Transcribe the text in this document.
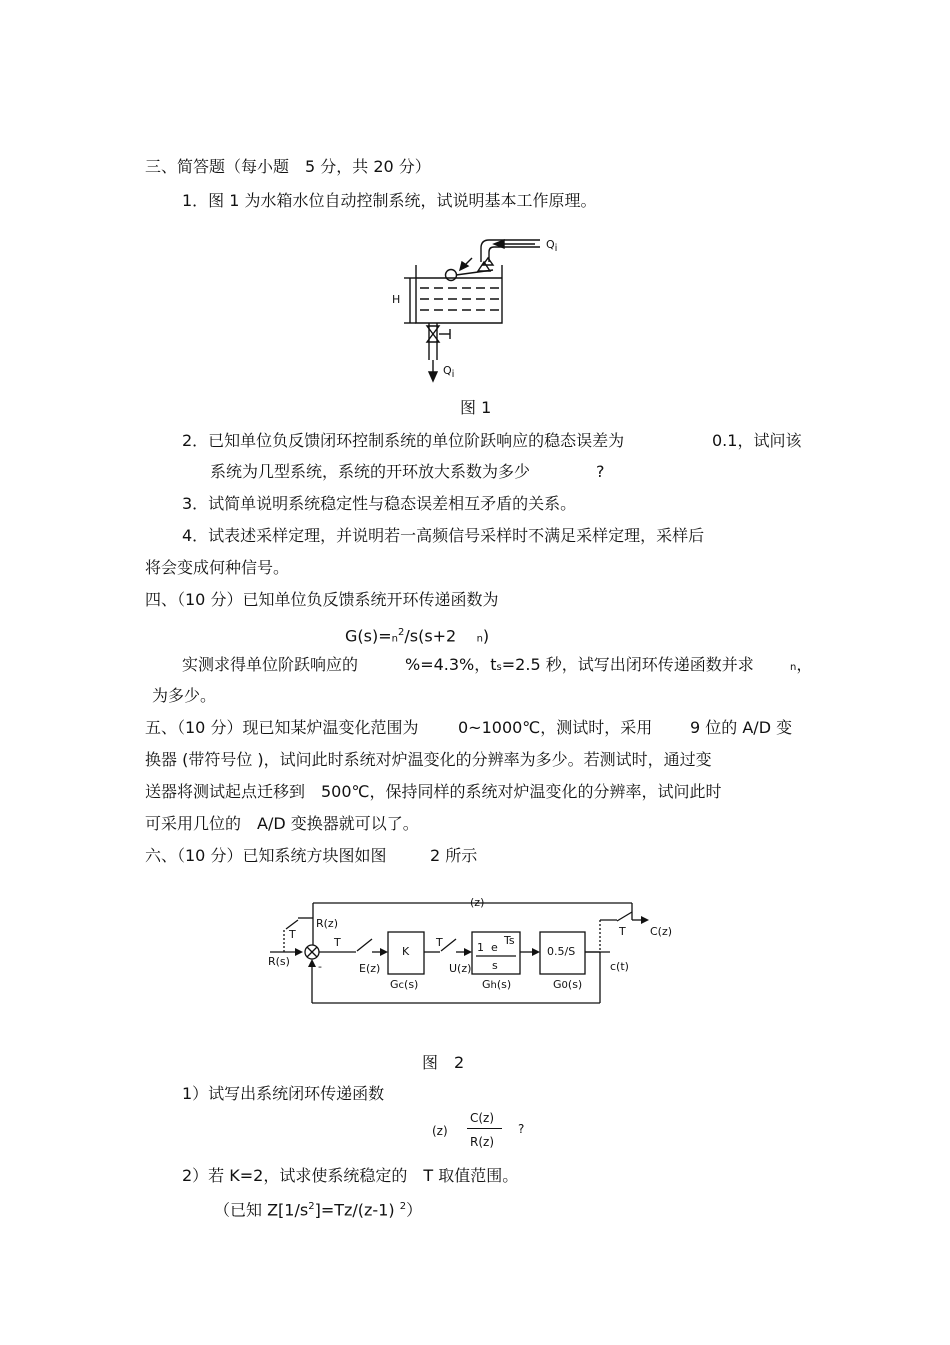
三、简答题（每小题　5 分，共 20 分）
1．图 1 为水箱水位自动控制系统，试说明基本工作原理。
$Q_i$
H
$Q_i$
图 1
2．已知单位负反馈闭环控制系统的单位阶跃响应的稳态误差为	0.1，试问该
系统为几型系统，系统的开环放大系数为多少	?
3．试简单说明系统稳定性与稳态误差相互矛盾的关系。
4．试表述采样定理，并说明若一高频信号采样时不满足采样定理，采样后
将会变成何种信号。
四、（10 分）已知单位负反馈系统开环传递函数为
$G(s)=n^2/s(s+2$ n)
实测求得单位阶跃响应的	%=4.3%，ts=2.5 秒，试写出闭环传递函数并求	n，
为多少。
五、（10 分）现已知某炉温变化范围为 0~1000℃，测试时，采用 9 位的 A/D 变
换器 (带符号位 )，试问此时系统对炉温变化的分辨率为多少。若测试时，通过变
送器将测试起点迁移到　500℃，保持同样的系统对炉温变化的分辨率，试问此时
可采用几位的　A/D 变换器就可以了。
六、（10 分）已知系统方块图如图	2 所示
(z)
R(z)
T
R(s)	-
T
E(z)
K
Gc(s)
T
U(z)
1 e
Ts
s
Gh(s)
0.5/S
G0(s)
T C(z)
c(t)
图　2
1）试写出系统闭环传递函数
(z)
C(z)
R(z)
?
2）若 K=2，试求使系统稳定的　T 取值范围。
（已知 $Z[1/s^2]=Tz/(z-1)$ $^2$）
